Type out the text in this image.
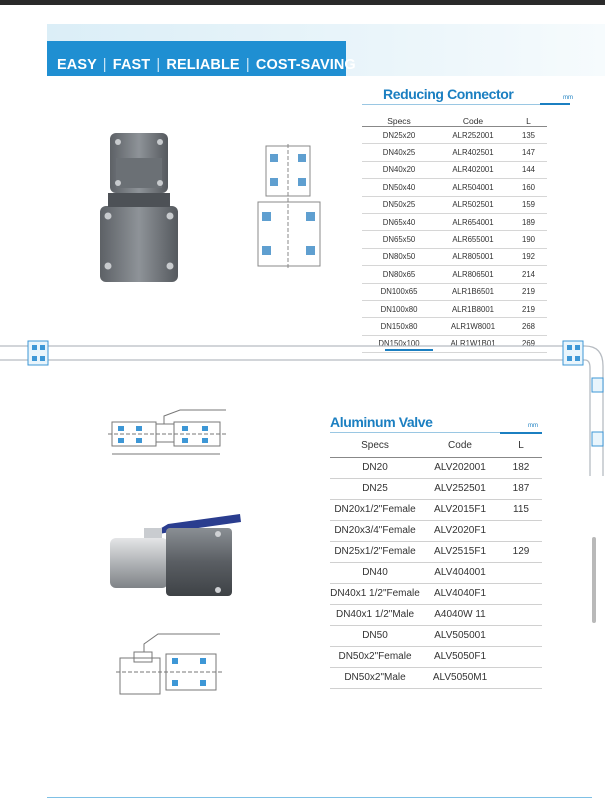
EASY | FAST | RELIABLE | COST-SAVING
Reducing Connector	mm
Specs	Code	L
DN25x20	ALR252001	135
DN40x25	ALR402501	147
DN40x20	ALR402001	144
DN50x40	ALR504001	160
DN50x25	ALR502501	159
DN65x40	ALR654001	189
DN65x50	ALR655001	190
DN80x50	ALR805001	192
DN80x65	ALR806501	214
DN100x65	ALR1B6501	219
DN100x80	ALR1B8001	219
DN150x80	ALR1W8001	268
DN150x100	ALR1W1B01	269
Aluminum Valve	mm
Specs	Code	L
DN20	ALV202001	182
DN25	ALV252501	187
DN20x1/2"Female	ALV2015F1	115
DN20x3/4"Female	ALV2020F1	
DN25x1/2"Female	ALV2515F1	129
DN40	ALV404001	
DN40x1 1/2"Female	ALV4040F1	
DN40x1 1/2"Male	A4040W 11	
DN50	ALV505001	
DN50x2"Female	ALV5050F1	
DN50x2"Male	ALV5050M1	
